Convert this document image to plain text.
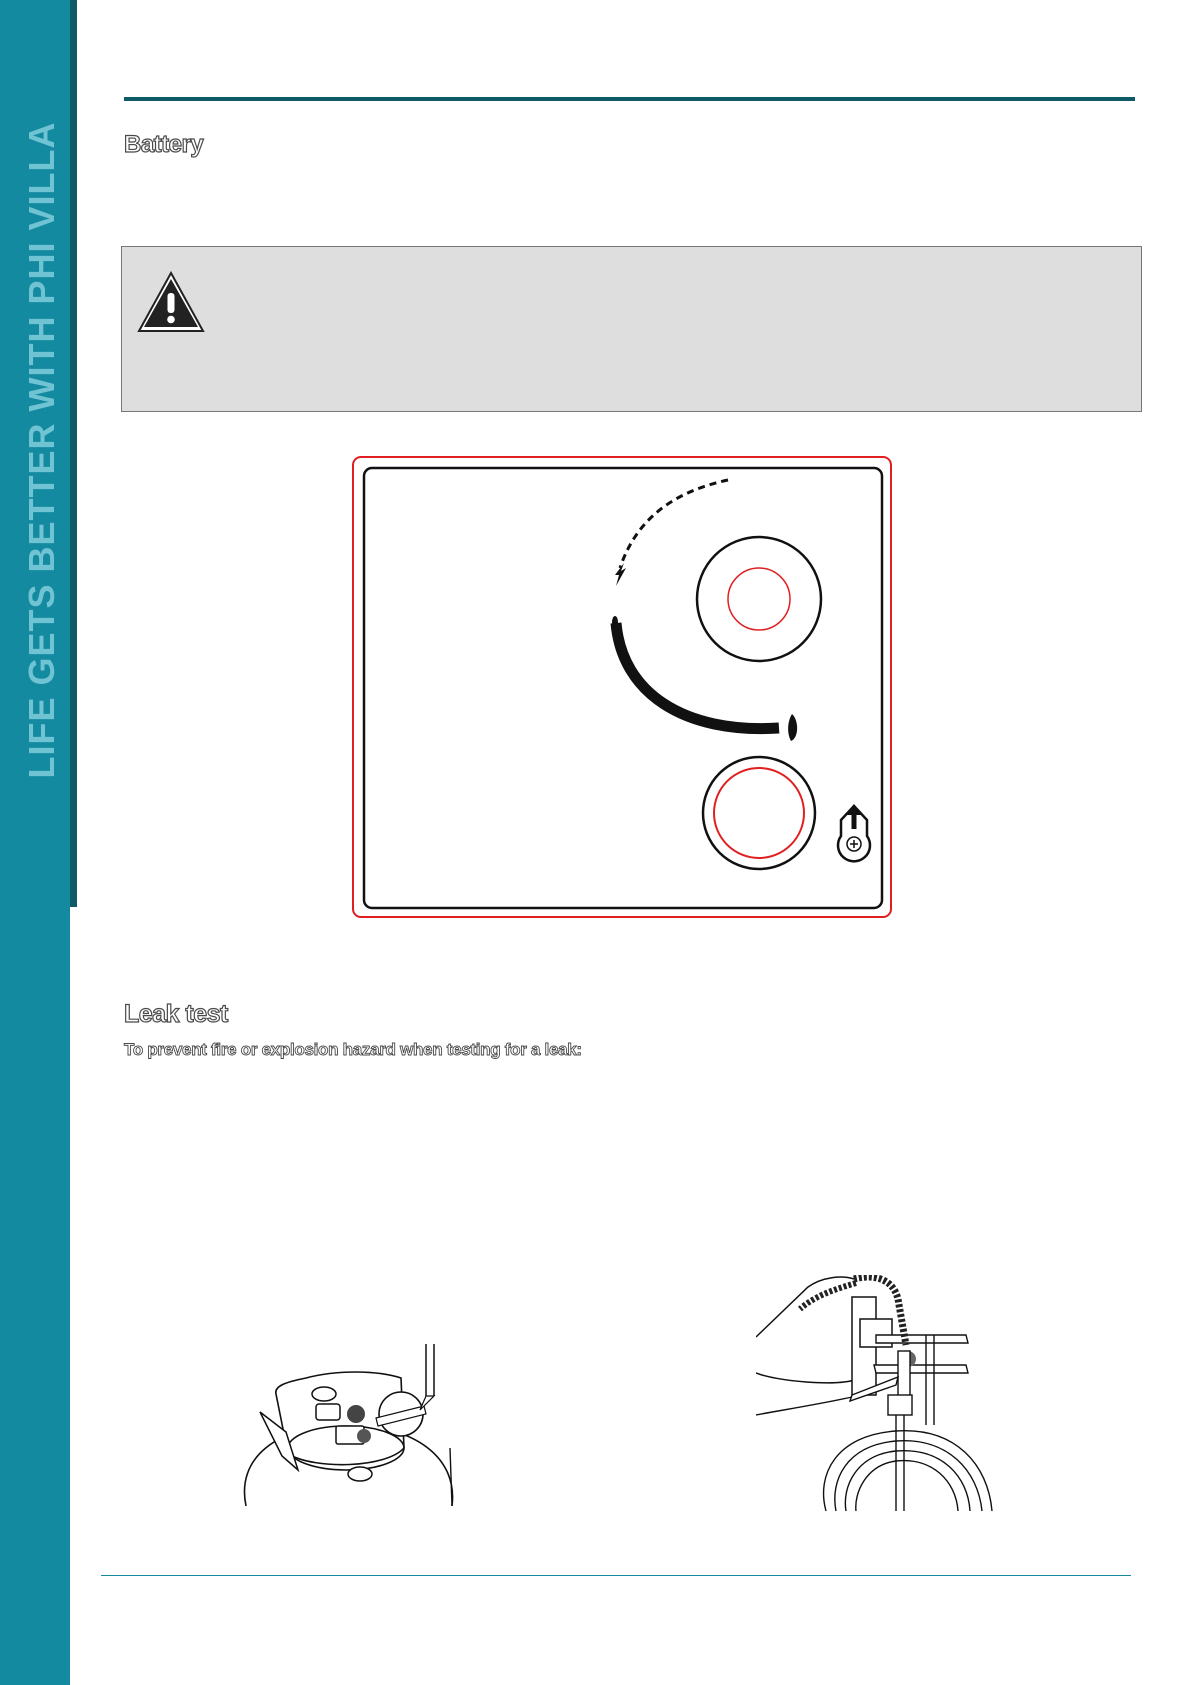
LIFE GETS BETTER WITH PHI VILLA	Battery
Leak test
To prevent fire or explosion hazard when testing for a leak:
